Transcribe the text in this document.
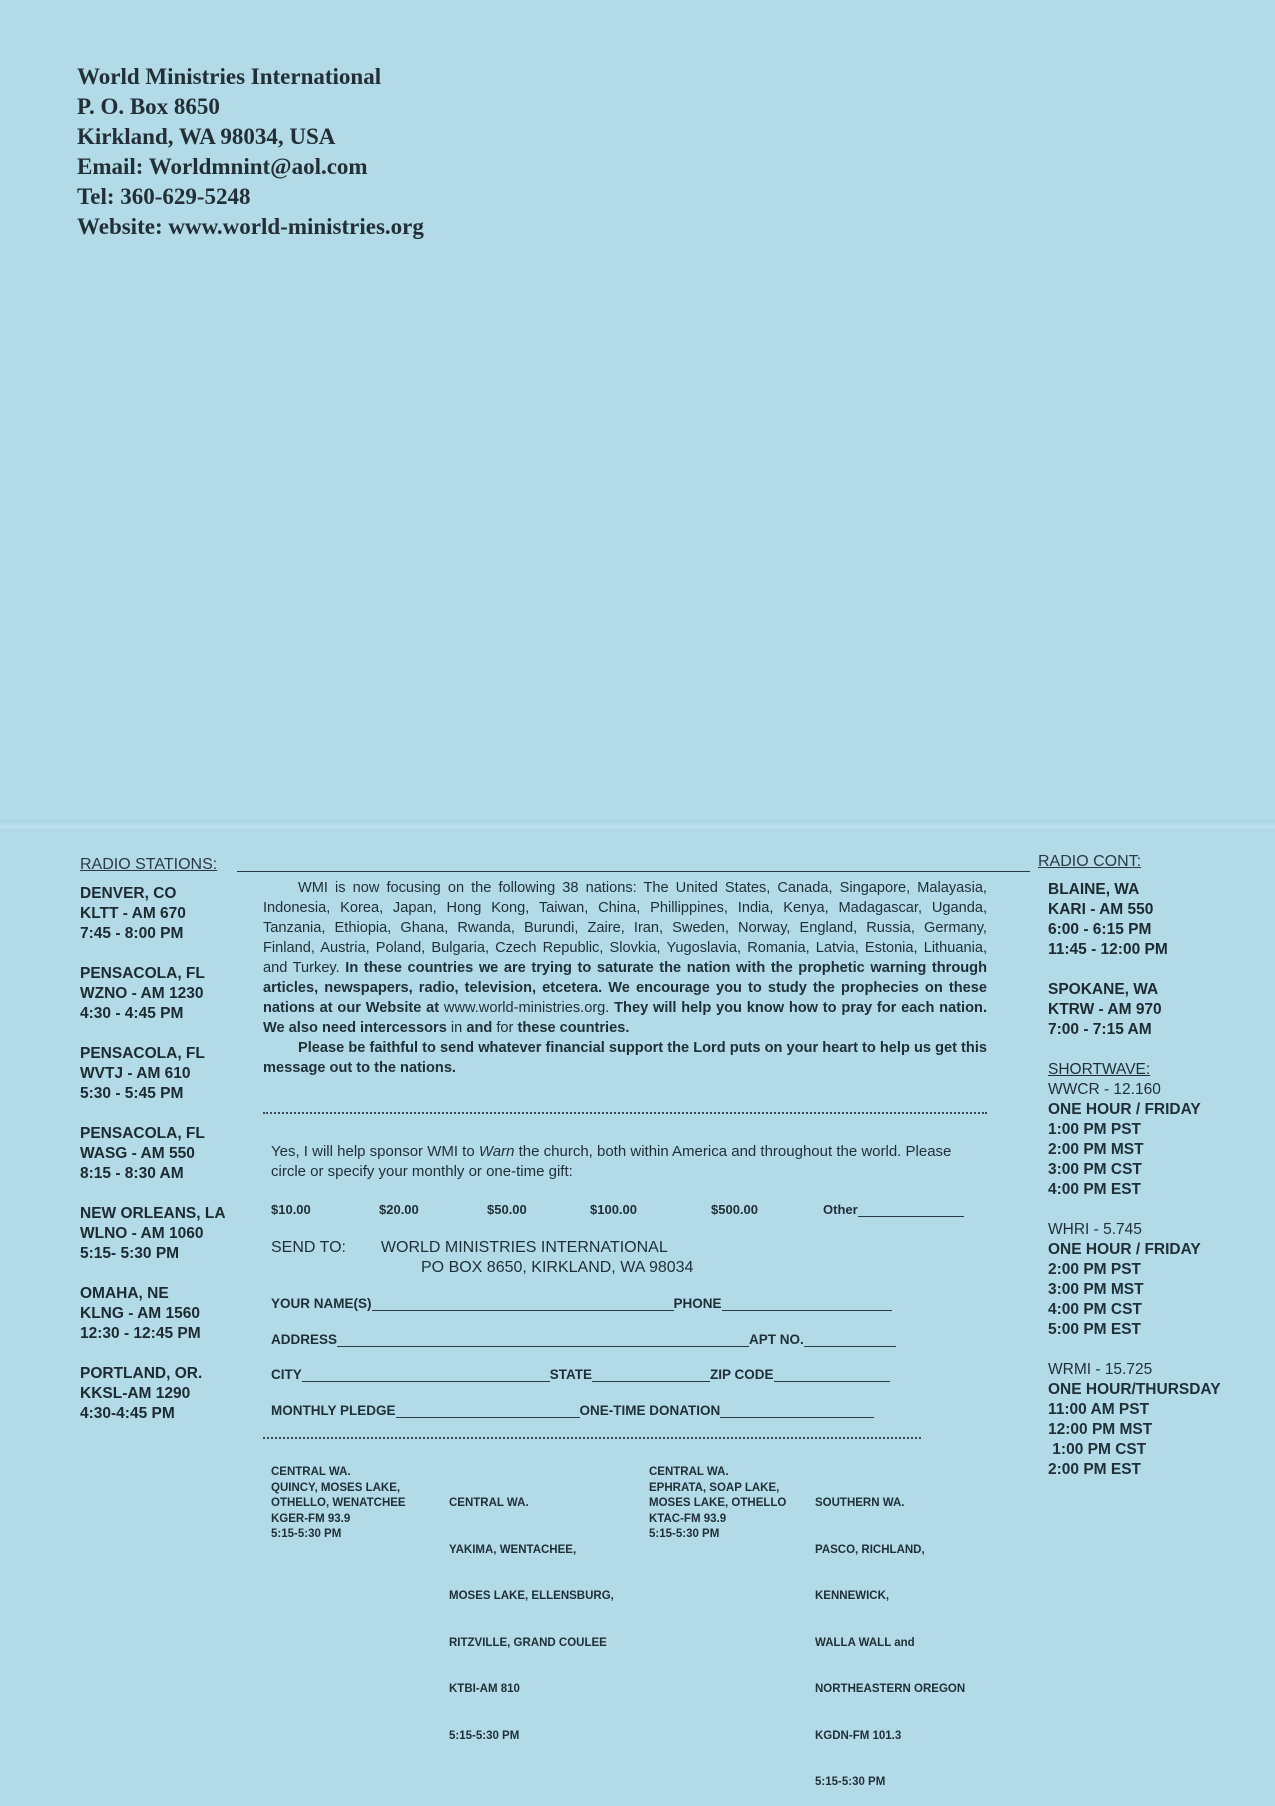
World Ministries International
P. O. Box 8650
Kirkland, WA 98034, USA
Email: Worldmnint@aol.com
Tel: 360-629-5248
Website: www.world-ministries.org
RADIO STATIONS:	RADIO CONT:
DENVER, CO
KLTT - AM 670
7:45 - 8:00 PM
PENSACOLA, FL
WZNO - AM 1230
4:30 - 4:45 PM
PENSACOLA, FL
WVTJ - AM 610
5:30 - 5:45 PM
PENSACOLA, FL
WASG - AM 550
8:15 - 8:30 AM
NEW ORLEANS, LA
WLNO - AM 1060
5:15- 5:30 PM
OMAHA, NE
KLNG - AM 1560
12:30 - 12:45 PM
PORTLAND, OR.
KKSL-AM 1290
4:30-4:45 PM
BLAINE, WA
KARI - AM 550
6:00 - 6:15 PM
11:45 - 12:00 PM
SPOKANE, WA
KTRW - AM 970
7:00 - 7:15 AM
SHORTWAVE:
WWCR - 12.160
ONE HOUR / FRIDAY
1:00 PM PST
2:00 PM MST
3:00 PM CST
4:00 PM EST
WHRI - 5.745
ONE HOUR / FRIDAY
2:00 PM PST
3:00 PM MST
4:00 PM CST
5:00 PM EST
WRMI - 15.725
ONE HOUR/THURSDAY
11:00 AM PST
12:00 PM MST
1:00 PM CST
2:00 PM EST

WMI is now focusing on the following 38 nations: The United States, Canada, Singapore, Malayasia, Indonesia, Korea, Japan, Hong Kong, Taiwan, China, Phillippines, India, Kenya, Madagascar, Uganda, Tanzania, Ethiopia, Ghana, Rwanda, Burundi, Zaire, Iran, Sweden, Norway, England, Russia, Germany, Finland, Austria, Poland, Bulgaria, Czech Republic, Slovkia, Yugoslavia, Romania, Latvia, Estonia, Lithuania, and Turkey. In these countries we are trying to saturate the nation with the prophetic warning through articles, newspapers, radio, television, etcetera. We encourage you to study the prophecies on these nations at our Website at www.world-ministries.org. They will help you know how to pray for each nation. We also need intercessors in and for these countries.

Please be faithful to send whatever financial support the Lord puts on your heart to help us get this message out to the nations.

Yes, I will help sponsor WMI to Warn the church, both within America and throughout the world. Please circle or specify your monthly or one-time gift:
$10.00	$20.00	$50.00	$100.00	$500.00	Other
SEND TO: WORLD MINISTRIES INTERNATIONAL
PO BOX 8650, KIRKLAND, WA 98034
YOUR NAME(S)	PHONE
ADDRESS	APT NO.
CITY	STATE	ZIP CODE
MONTHLY PLEDGE	ONE-TIME DONATION
CENTRAL WA.
QUINCY, MOSES LAKE,
OTHELLO, WENATCHEE
KGER-FM 93.9
5:15-5:30 PM

CENTRAL WA.

YAKIMA, WENTACHEE,

MOSES LAKE, ELLENSBURG,

RITZVILLE, GRAND COULEE

KTBI-AM 810

5:15-5:30 PM

CENTRAL WA.
EPHRATA, SOAP LAKE,
MOSES LAKE, OTHELLO
KTAC-FM 93.9
5:15-5:30 PM

SOUTHERN WA.

PASCO, RICHLAND,

KENNEWICK,

WALLA WALL and

NORTHEASTERN OREGON

KGDN-FM 101.3

5:15-5:30 PM
